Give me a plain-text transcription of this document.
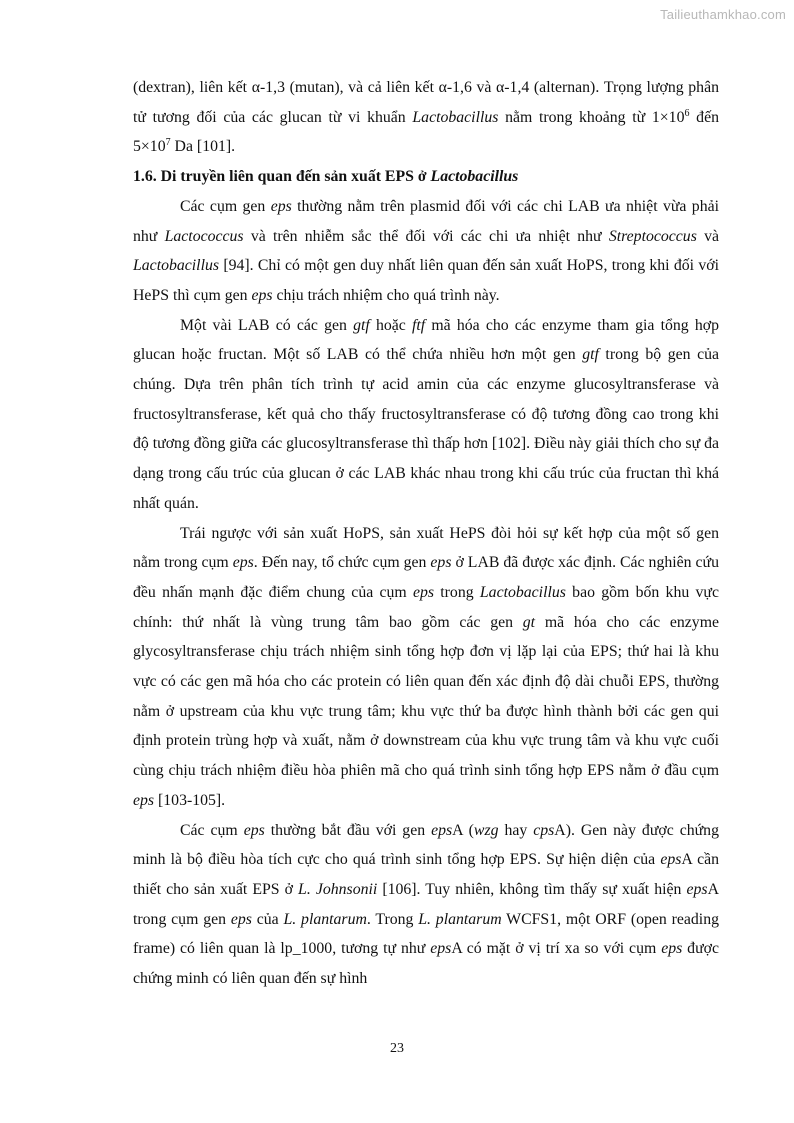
Tailieuthamkhao.com

(dextran), liên kết α-1,3 (mutan), và cả liên kết α-1,6 và α-1,4 (alternan). Trọng lượng phân tử tương đối của các glucan từ vi khuẩn Lactobacillus nằm trong khoảng từ $1\times 10^6$ đến $5\times 10^7$ Da [101].

1.6. Di truyền liên quan đến sản xuất EPS ở Lactobacillus

Các cụm gen eps thường nằm trên plasmid đối với các chi LAB ưa nhiệt vừa phải như Lactococcus và trên nhiễm sắc thể đối với các chi ưa nhiệt như Streptococcus và Lactobacillus [94]. Chỉ có một gen duy nhất liên quan đến sản xuất HoPS, trong khi đối với HePS thì cụm gen eps chịu trách nhiệm cho quá trình này.

Một vài LAB có các gen gtf hoặc ftf mã hóa cho các enzyme tham gia tổng hợp glucan hoặc fructan. Một số LAB có thể chứa nhiều hơn một gen gtf trong bộ gen của chúng. Dựa trên phân tích trình tự acid amin của các enzyme glucosyltransferase và fructosyltransferase, kết quả cho thấy fructosyltransferase có độ tương đồng cao trong khi độ tương đồng giữa các glucosyltransferase thì thấp hơn [102]. Điều này giải thích cho sự đa dạng trong cấu trúc của glucan ở các LAB khác nhau trong khi cấu trúc của fructan thì khá nhất quán.

Trái ngược với sản xuất HoPS, sản xuất HePS đòi hỏi sự kết hợp của một số gen nằm trong cụm eps. Đến nay, tổ chức cụm gen eps ở LAB đã được xác định. Các nghiên cứu đều nhấn mạnh đặc điểm chung của cụm eps trong Lactobacillus bao gồm bốn khu vực chính: thứ nhất là vùng trung tâm bao gồm các gen gt mã hóa cho các enzyme glycosyltransferase chịu trách nhiệm sinh tổng hợp đơn vị lặp lại của EPS; thứ hai là khu vực có các gen mã hóa cho các protein có liên quan đến xác định độ dài chuỗi EPS, thường nằm ở upstream của khu vực trung tâm; khu vực thứ ba được hình thành bởi các gen qui định protein trùng hợp và xuất, nằm ở downstream của khu vực trung tâm và khu vực cuối cùng chịu trách nhiệm điều hòa phiên mã cho quá trình sinh tổng hợp EPS nằm ở đầu cụm eps [103-105].

Các cụm eps thường bắt đầu với gen epsA (wzg hay cpsA). Gen này được chứng minh là bộ điều hòa tích cực cho quá trình sinh tổng hợp EPS. Sự hiện diện của epsA cần thiết cho sản xuất EPS ở L. Johnsonii [106]. Tuy nhiên, không tìm thấy sự xuất hiện epsA trong cụm gen eps của L. plantarum. Trong L. plantarum WCFS1, một ORF (open reading frame) có liên quan là lp_1000, tương tự như epsA có mặt ở vị trí xa so với cụm eps được chứng minh có liên quan đến sự hình

23
